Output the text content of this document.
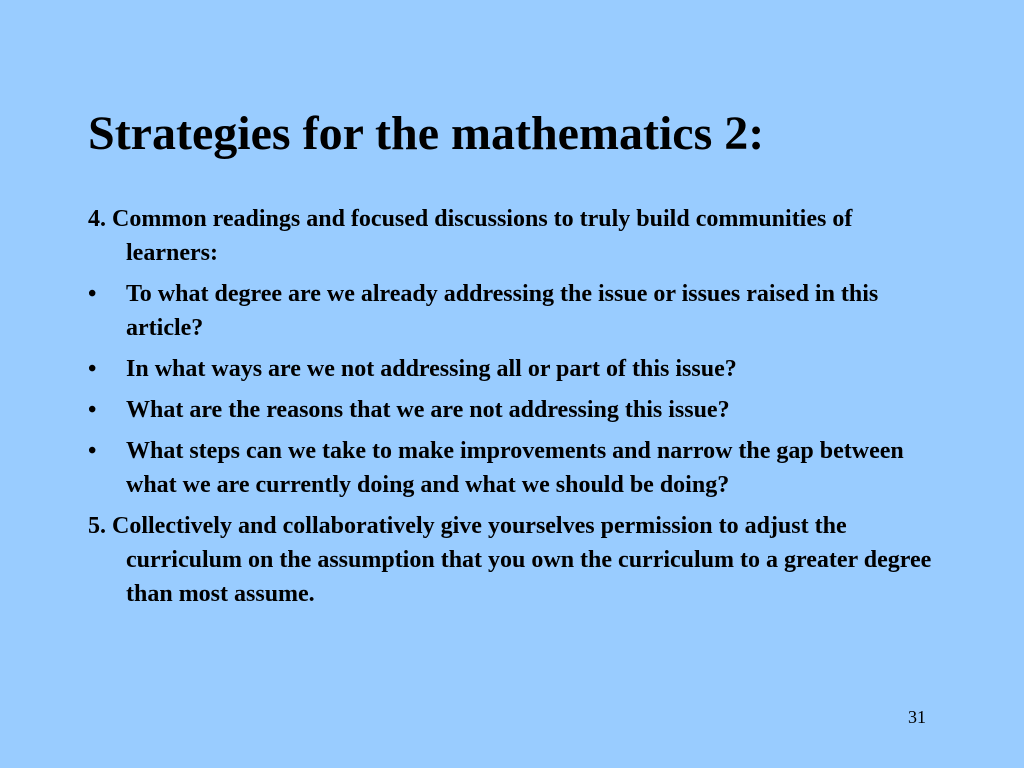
Strategies for the mathematics 2:

4. Common readings and focused discussions to truly build communities of learners:

•	To what degree are we already addressing the issue or issues raised in this article?
•	In what ways are we not addressing all or part of this issue?
•	What are the reasons that we are not addressing this issue?
•	What steps can we take to make improvements and narrow the gap between what we are currently doing and what we should be doing?

5. Collectively and collaboratively give yourselves permission to adjust the curriculum on the assumption that you own the curriculum to a greater degree than most assume.

31
